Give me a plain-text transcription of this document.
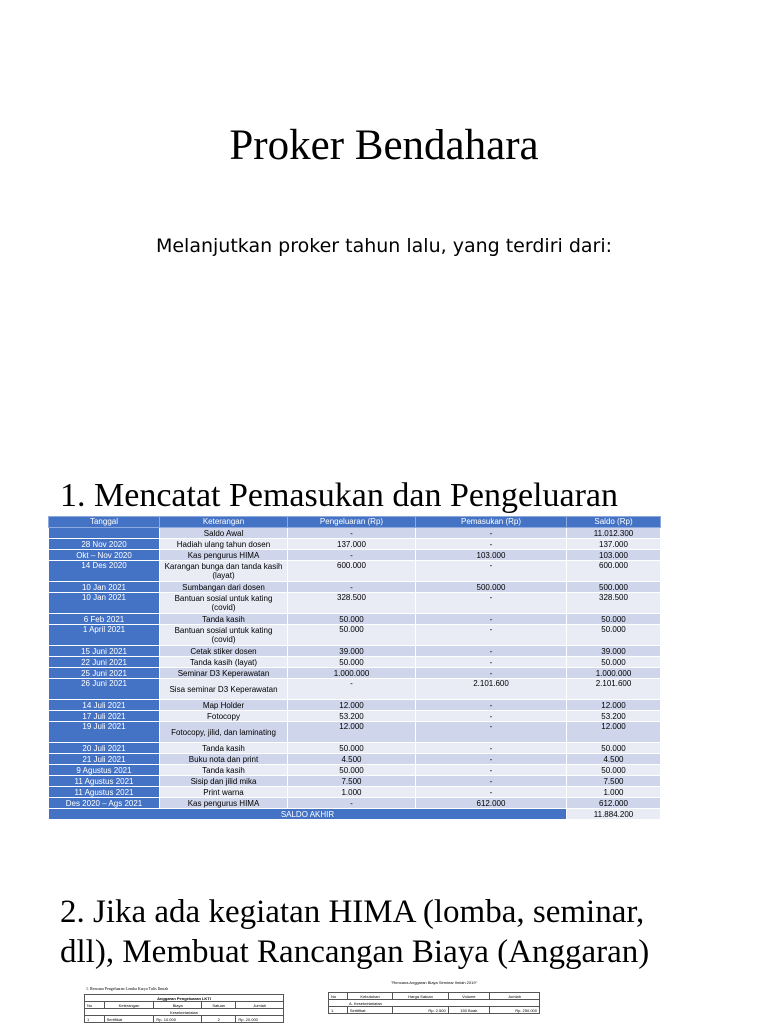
Proker Bendahara
Melanjutkan proker tahun lalu, yang terdiri dari:
1. Mencatat Pemasukan dan Pengeluaran
Tanggal	Keterangan	Pengeluaran (Rp)	Pemasukan (Rp)	Saldo (Rp)
	Saldo Awal	-	-	11.012.300
28 Nov 2020	Hadiah ulang tahun dosen	137.000	-	137.000
Okt – Nov 2020	Kas pengurus HIMA	-	103.000	103.000
14 Des 2020	Karangan bunga dan tanda kasih (layat)	600.000	-	600.000
10 Jan 2021	Sumbangan dari dosen	-	500.000	500.000
10 Jan 2021	Bantuan sosial untuk kating (covid)	328.500	-	328.500
6 Feb 2021	Tanda kasih	50.000	-	50.000
1 April 2021	Bantuan sosial untuk kating (covid)	50.000	-	50.000
15 Juni 2021	Cetak stiker dosen	39.000	-	39.000
22 Juni 2021	Tanda kasih (layat)	50.000	-	50.000
25 Juni 2021	Seminar D3 Keperawatan	1.000.000	-	1.000.000
26 Juni 2021	Sisa seminar D3 Keperawatan	-	2.101.600	2.101.600
14 Juli 2021	Map Holder	12.000	-	12.000
17 Juli 2021	Fotocopy	53.200	-	53.200
19 Juli 2021	Fotocopy, jilid, dan laminating	12.000	-	12.000
20 Juli 2021	Tanda kasih	50.000	-	50.000
21 Juli 2021	Buku nota dan print	4.500	-	4.500
9 Agustus 2021	Tanda kasih	50.000	-	50.000
11 Agustus 2021	Sisip dan jilid mika	7.500	-	7.500
11 Agustus 2021	Print warna	1.000	-	1.000
Des 2020 – Ags 2021	Kas pengurus HIMA	-	612.000	612.000
SALDO AKHIR				11.884.200
2. Jika ada kegiatan HIMA (lomba, seminar,
dll), Membuat Rancangan Biaya (Anggaran)
1. Rencana Pengeluaran Lomba Karya Tulis Ilmiah
Anggaran Pengeluaran LKTI				
No	Keterangan	Biaya	Satuan	Jumlah
Kesekretariatan				
1	Sertifikat	Rp. 10.000	2	Rp. 20.000
"Rencana Anggaran Biaya Seminar Ilmiah 2019"
No	Kebutuhan	Harga Satuan	Volume	Jumlah
A. Kesekretariatan				
1.	Sertifikat	Rp. 2.500	150 Buah	Rp. 250.000
